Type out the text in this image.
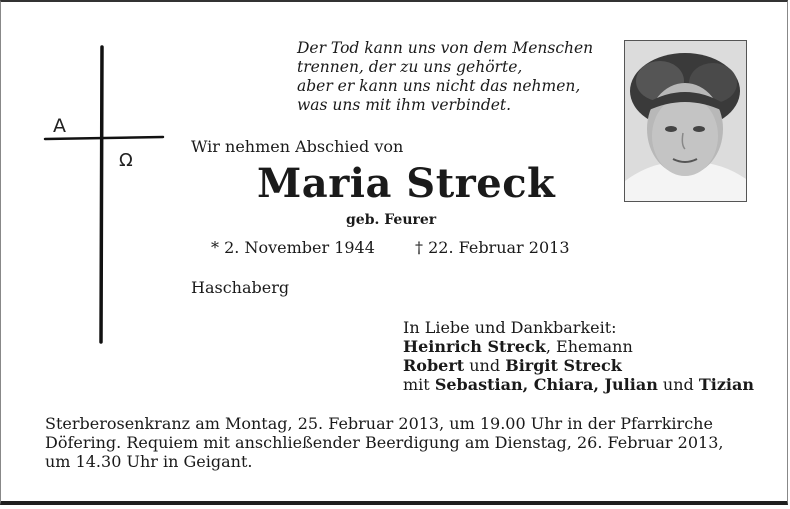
A
Ω
Der Tod kann uns von dem Menschen
trennen, der zu uns gehörte,
aber er kann uns nicht das nehmen,
was uns mit ihm verbindet.

Wir nehmen Abschied von

Maria Streck

geb. Feurer

* 2. November 1944	† 22. Februar 2013

Haschaberg

In Liebe und Dankbarkeit:
Heinrich Streck, Ehemann
Robert und Birgit Streck
mit Sebastian, Chiara, Julian und Tizian
Sterberosenkranz am Montag, 25. Februar 2013, um 19.00 Uhr in der Pfarrkirche
Döfering. Requiem mit anschließender Beerdigung am Dienstag, 26. Februar 2013,
um 14.30 Uhr in Geigant.
